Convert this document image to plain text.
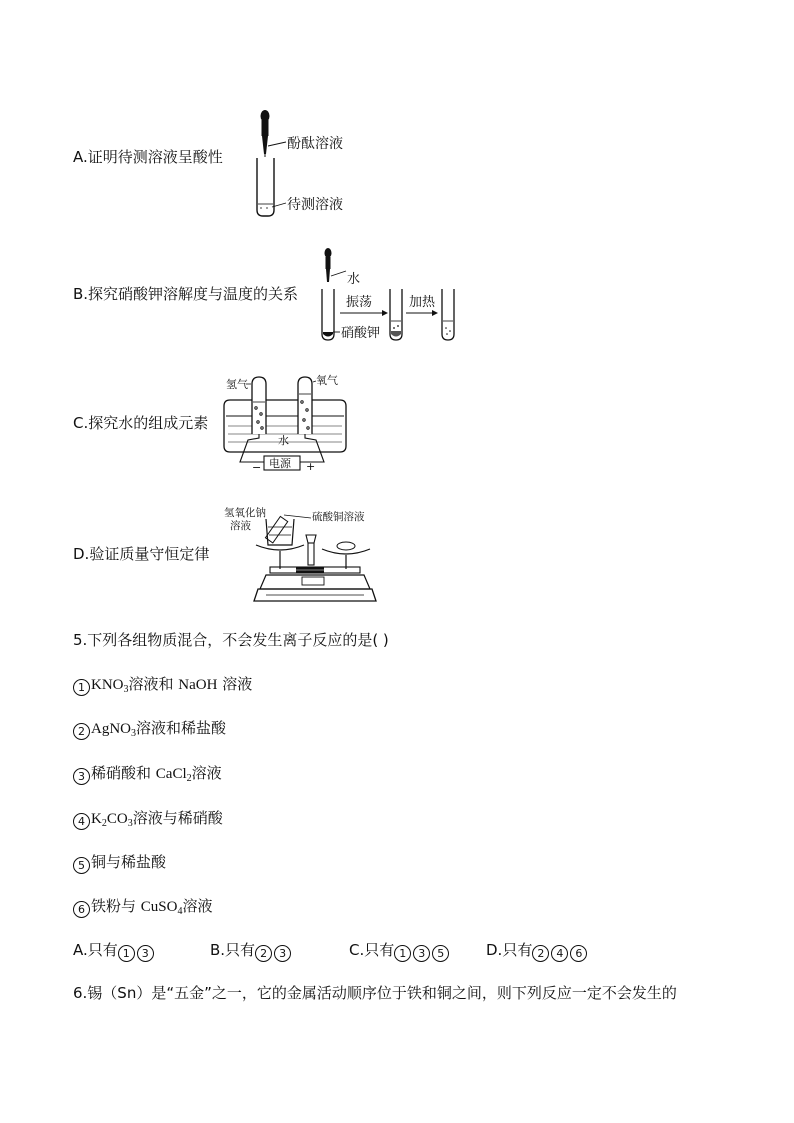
A.证明待测溶液呈酸性
酚酞溶液
待测溶液
B.探究硝酸钾溶解度与温度的关系
水
硝酸钾
振荡	加热
C.探究水的组成元素
氢气	氧气
水
电源
−	+
D.验证质量守恒定律
氢氧化钠
溶液
硫酸铜溶液
5.下列各组物质混合，不会发生离子反应的是( )
1 $KNO_3$溶液和 NaOH 溶液
2 AgNO$_3$溶液和稀盐酸
3 稀硝酸和 CaCl$_2$溶液
4 $K_2CO_3$溶液与稀硝酸
5 铜与稀盐酸
6 铁粉与 CuSO$_4$溶液
A.只有 1 3	B.只有 2 3	C.只有 1 3 5	D.只有 2 4 6
6.锡（Sn）是“五金”之一，它的金属活动顺序位于铁和铜之间，则下列反应一定不会发生的
